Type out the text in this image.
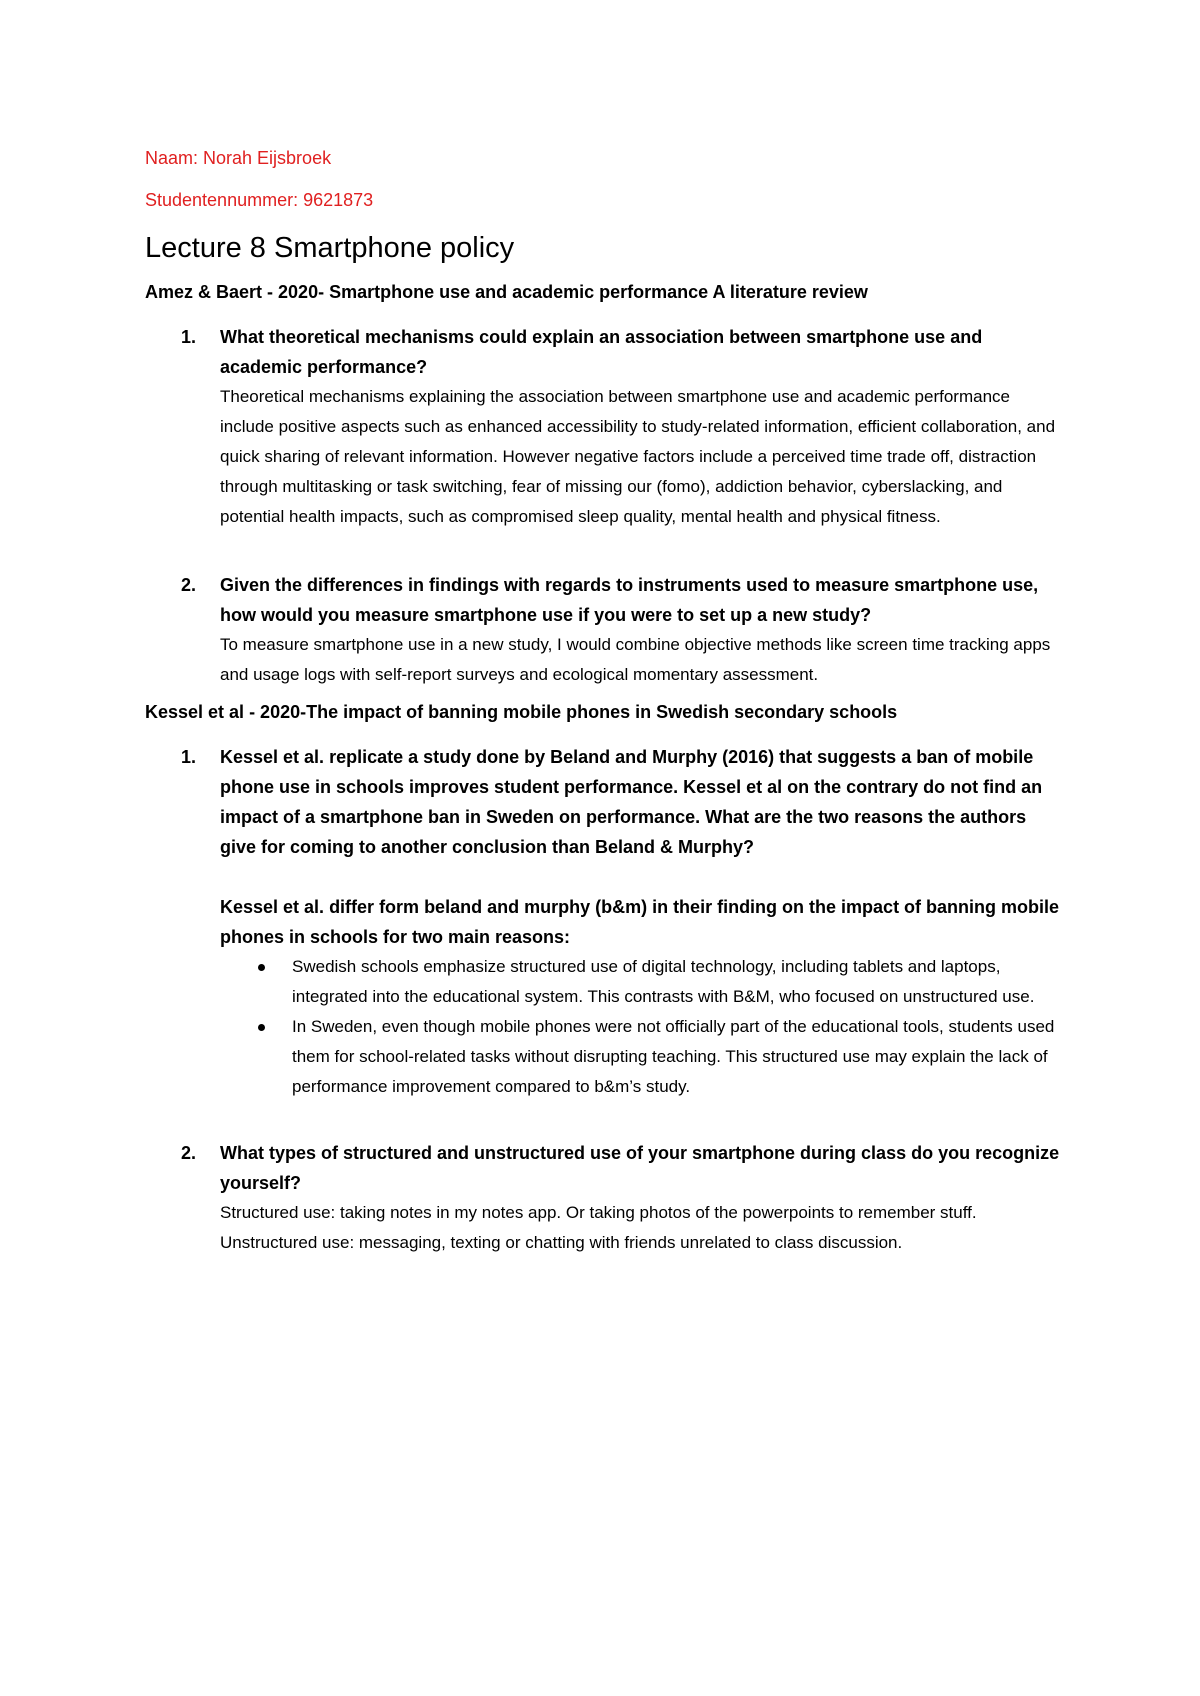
Naam: Norah Eijsbroek

Studentennummer: 9621873

Lecture 8 Smartphone policy
Amez & Baert - 2020- Smartphone use and academic performance A literature review
1. What theoretical mechanisms could explain an association between smartphone use and academic performance?

Theoretical mechanisms explaining the association between smartphone use and academic performance include positive aspects such as enhanced accessibility to study-related information, efficient collaboration, and quick sharing of relevant information. However negative factors include a perceived time trade off, distraction through multitasking or task switching, fear of missing our (fomo), addiction behavior, cyberslacking, and potential health impacts, such as compromised sleep quality, mental health and physical fitness.

2. Given the differences in findings with regards to instruments used to measure smartphone use, how would you measure smartphone use if you were to set up a new study?

To measure smartphone use in a new study, I would combine objective methods like screen time tracking apps and usage logs with self-report surveys and ecological momentary assessment.

Kessel et al - 2020-The impact of banning mobile phones in Swedish secondary schools
1. Kessel et al. replicate a study done by Beland and Murphy (2016) that suggests a ban of mobile phone use in schools improves student performance. Kessel et al on the contrary do not find an impact of a smartphone ban in Sweden on performance. What are the two reasons the authors give for coming to another conclusion than Beland & Murphy?

Kessel et al. differ form beland and murphy (b&m) in their finding on the impact of banning mobile phones in schools for two main reasons:

Swedish schools emphasize structured use of digital technology, including tablets and laptops, integrated into the educational system. This contrasts with B&M, who focused on unstructured use.
In Sweden, even though mobile phones were not officially part of the educational tools, students used them for school-related tasks without disrupting teaching. This structured use may explain the lack of performance improvement compared to b&m’s study.
2. What types of structured and unstructured use of your smartphone during class do you recognize yourself?

Structured use: taking notes in my notes app. Or taking photos of the powerpoints to remember stuff.

Unstructured use: messaging, texting or chatting with friends unrelated to class discussion.
